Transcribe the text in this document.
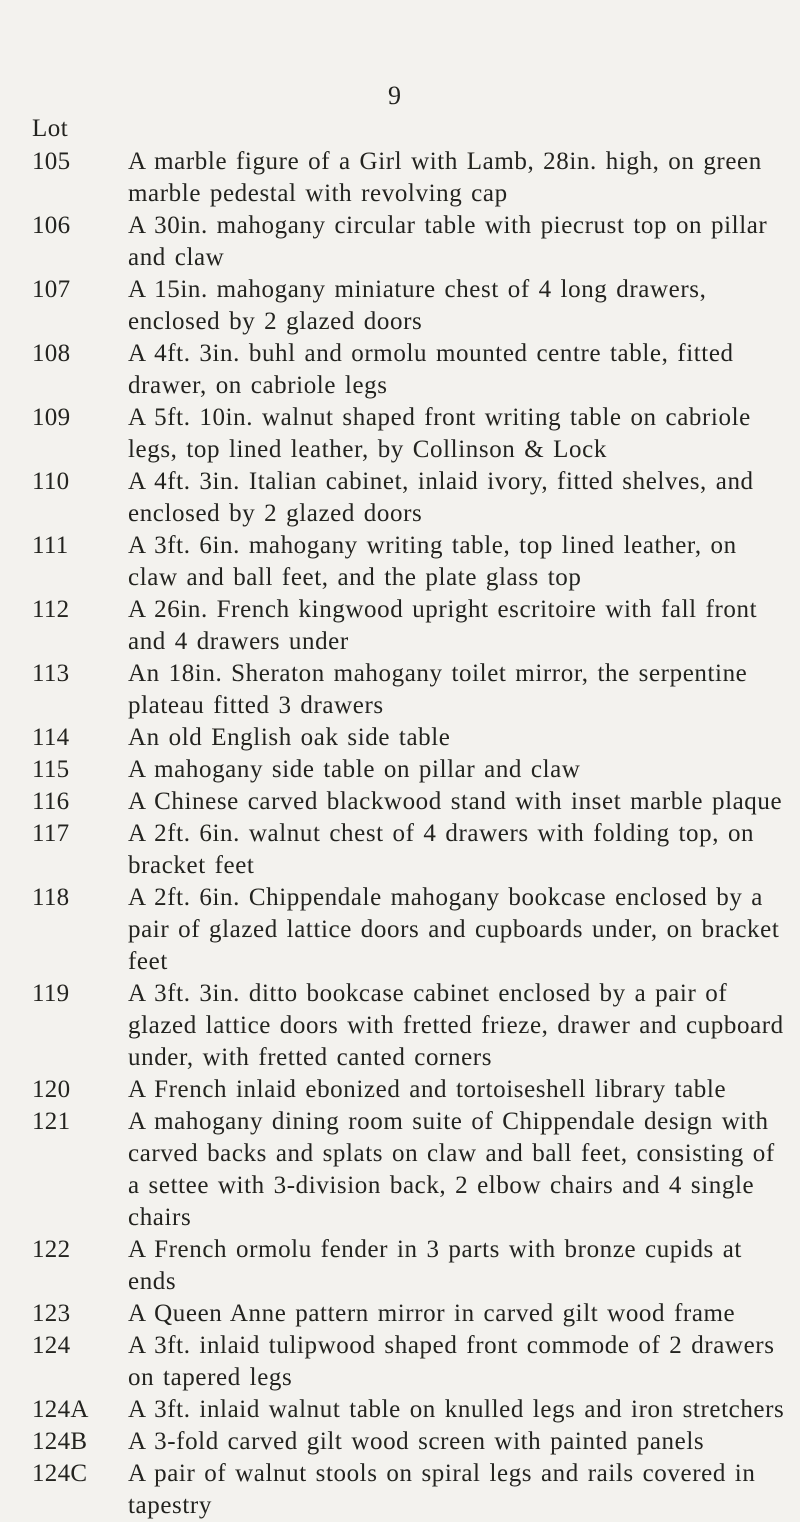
9
Lot
105	A marble figure of a Girl with Lamb, 28in. high, on green marble pedestal with revolving cap
106	A 30in. mahogany circular table with piecrust top on pillar and claw
107	A 15in. mahogany miniature chest of 4 long drawers, enclosed by 2 glazed doors
108	A 4ft. 3in. buhl and ormolu mounted centre table, fitted drawer, on cabriole legs
109	A 5ft. 10in. walnut shaped front writing table on cabriole legs, top lined leather, by Collinson & Lock
110	A 4ft. 3in. Italian cabinet, inlaid ivory, fitted shelves, and enclosed by 2 glazed doors
111	A 3ft. 6in. mahogany writing table, top lined leather, on claw and ball feet, and the plate glass top
112	A 26in. French kingwood upright escritoire with fall front and 4 drawers under
113	An 18in. Sheraton mahogany toilet mirror, the serpentine plateau fitted 3 drawers
114	An old English oak side table
115	A mahogany side table on pillar and claw
116	A Chinese carved blackwood stand with inset marble plaque
117	A 2ft. 6in. walnut chest of 4 drawers with folding top, on bracket feet
118	A 2ft. 6in. Chippendale mahogany bookcase enclosed by a pair of glazed lattice doors and cupboards under, on bracket feet
119	A 3ft. 3in. ditto bookcase cabinet enclosed by a pair of glazed lattice doors with fretted frieze, drawer and cupboard under, with fretted canted corners
120	A French inlaid ebonized and tortoiseshell library table
121	A mahogany dining room suite of Chippendale design with carved backs and splats on claw and ball feet, consisting of a settee with 3-division back, 2 elbow chairs and 4 single chairs
122	A French ormolu fender in 3 parts with bronze cupids at ends
123	A Queen Anne pattern mirror in carved gilt wood frame
124	A 3ft. inlaid tulipwood shaped front commode of 2 drawers on tapered legs
124A	A 3ft. inlaid walnut table on knulled legs and iron stretchers
124B	A 3-fold carved gilt wood screen with painted panels
124C	A pair of walnut stools on spiral legs and rails covered in tapestry
